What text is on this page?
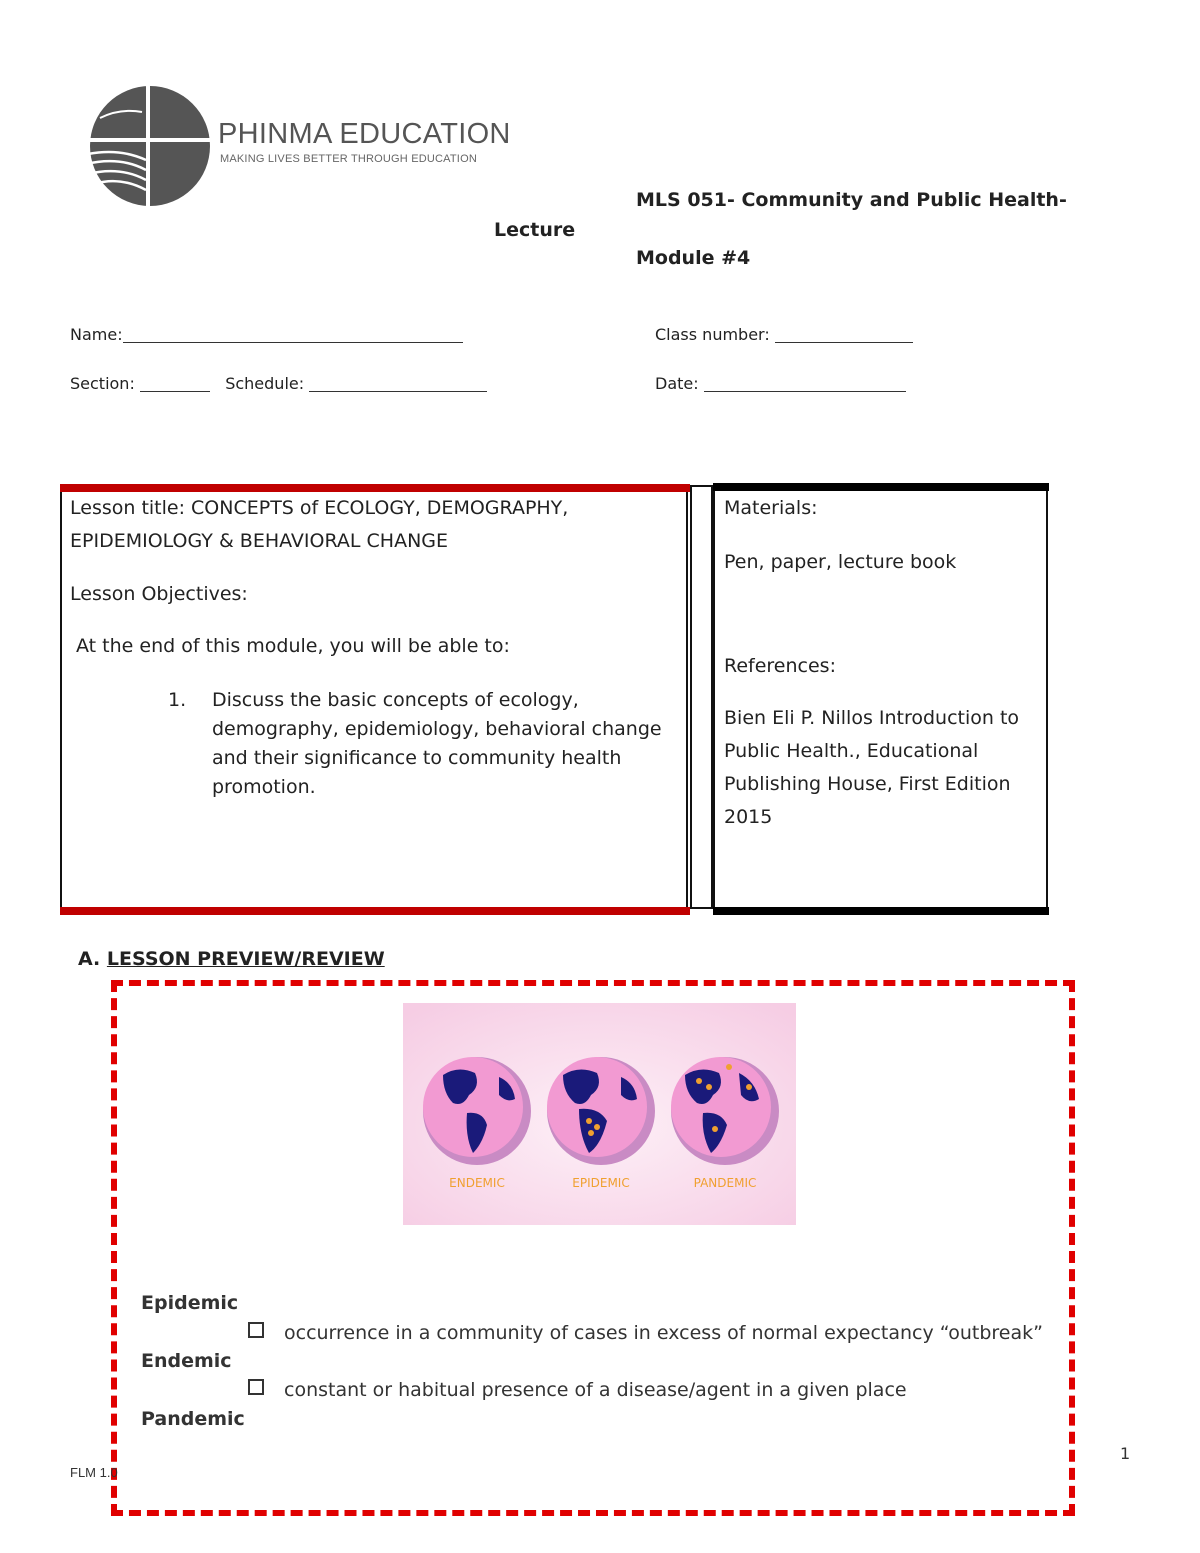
PHINMA EDUCATION
MAKING LIVES BETTER THROUGH EDUCATION
MLS 051- Community and Public Health-
Lecture
Module #4
Name:	Class number:
Section:	Schedule:	Date:
Lesson title: CONCEPTS of ECOLOGY, DEMOGRAPHY,
EPIDEMIOLOGY & BEHAVIORAL CHANGE
Lesson Objectives:
At the end of this module, you will be able to:
1. Discuss the basic concepts of ecology, demography, epidemiology, behavioral change and their significance to community health promotion.
Materials:
Pen, paper, lecture book
References:
Bien Eli P. Nillos Introduction to Public Health., Educational Publishing House, First Edition 2015
A. LESSON PREVIEW/REVIEW
ENDEMIC	EPIDEMIC	PANDEMIC
Epidemic
occurrence in a community of cases in excess of normal expectancy “outbreak”
Endemic
constant or habitual presence of a disease/agent in a given place
Pandemic
FLM 1.0
1
